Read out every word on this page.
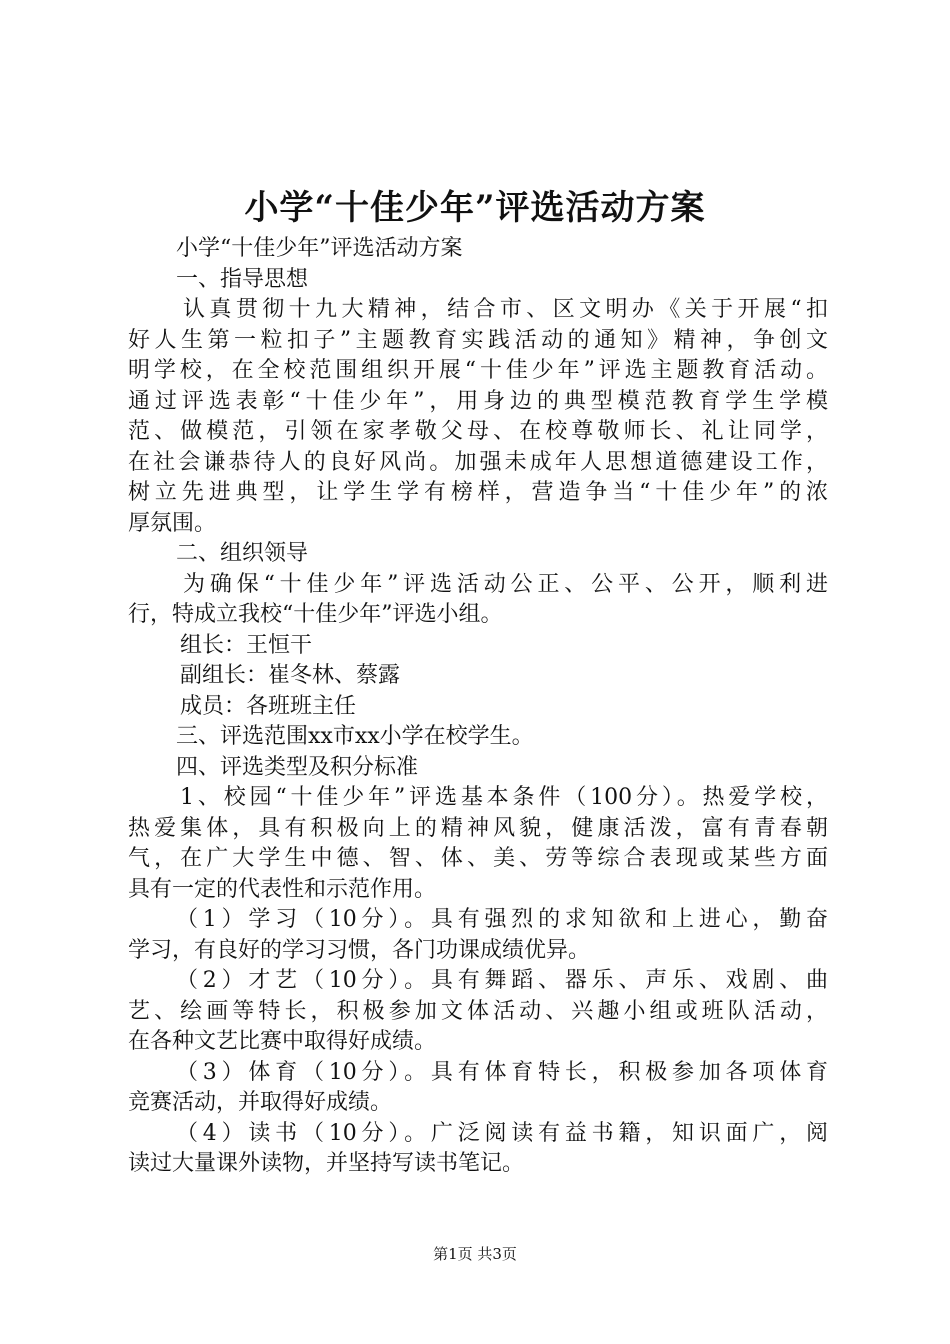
小学“十佳少年”评选活动方案
小学“十佳少年”评选活动方案
一、指导思想
认真贯彻十九大精神，结合市、区文明办《关于开展“扣
好人生第一粒扣子”主题教育实践活动的通知》精神，争创文
明学校，在全校范围组织开展“十佳少年”评选主题教育活动。
通过评选表彰“十佳少年”，用身边的典型模范教育学生学模
范、做模范，引领在家孝敬父母、在校尊敬师长、礼让同学，
在社会谦恭待人的良好风尚。加强未成年人思想道德建设工作，
树立先进典型，让学生学有榜样，营造争当“十佳少年”的浓
厚氛围。
二、组织领导
为确保“十佳少年”评选活动公正、公平、公开，顺利进
行，特成立我校“十佳少年”评选小组。
组长：王恒干
副组长：崔冬林、蔡露
成员：各班班主任
三、评选范围xx市xx小学在校学生。
四、评选类型及积分标准
1、校园“十佳少年”评选基本条件（100分）。热爱学校，
热爱集体，具有积极向上的精神风貌，健康活泼，富有青春朝
气，在广大学生中德、智、体、美、劳等综合表现或某些方面
具有一定的代表性和示范作用。
（1）学习（10分）。具有强烈的求知欲和上进心，勤奋
学习，有良好的学习习惯，各门功课成绩优异。
（2）才艺（10分）。具有舞蹈、器乐、声乐、戏剧、曲
艺、绘画等特长，积极参加文体活动、兴趣小组或班队活动，
在各种文艺比赛中取得好成绩。
（3）体育（10分）。具有体育特长，积极参加各项体育
竞赛活动，并取得好成绩。
（4）读书（10分）。广泛阅读有益书籍，知识面广，阅
读过大量课外读物，并坚持写读书笔记。
第1页 共3页
